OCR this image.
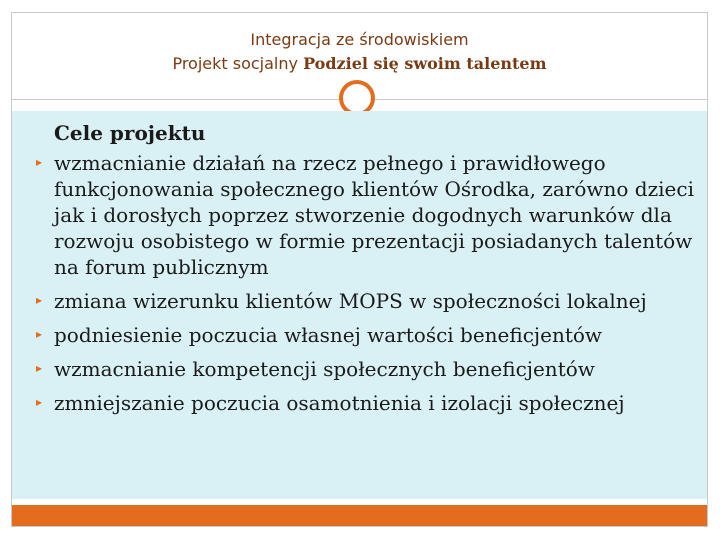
Integracja ze środowiskiem
Projekt socjalny Podziel się swoim talentem
Cele projektu
▸
wzmacnianie działań na rzecz pełnego i prawidłowego funkcjonowania społecznego klientów Ośrodka, zarówno dzieci jak i dorosłych poprzez stworzenie dogodnych warunków dla rozwoju osobistego w formie prezentacji posiadanych talentów na forum publicznym
▸
zmiana wizerunku klientów MOPS w społeczności lokalnej
▸
podniesienie poczucia własnej wartości beneficjentów
▸
wzmacnianie kompetencji społecznych beneficjentów
▸
zmniejszanie poczucia osamotnienia i izolacji społecznej
